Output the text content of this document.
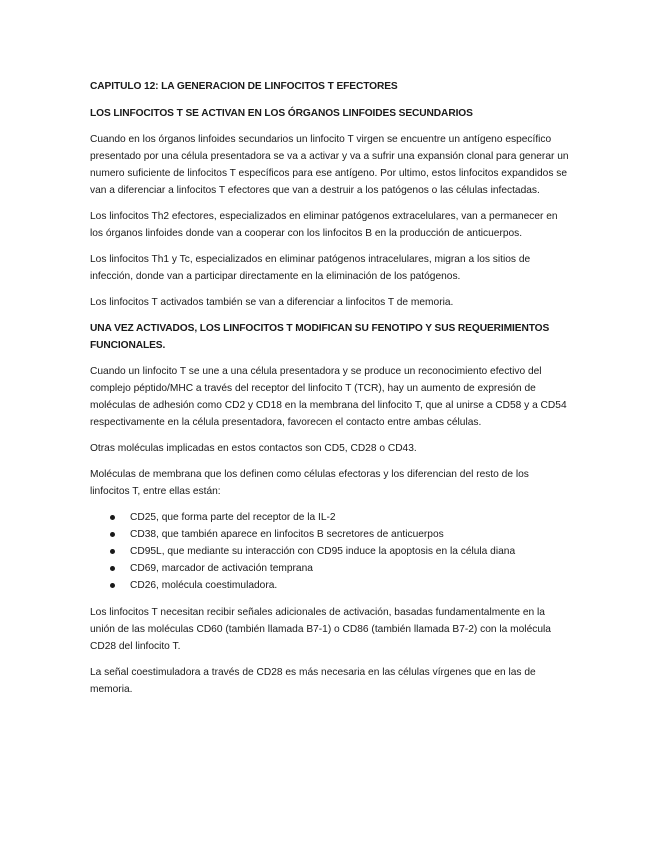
CAPITULO 12: LA GENERACION DE LINFOCITOS T EFECTORES
LOS LINFOCITOS T SE ACTIVAN EN LOS ÓRGANOS LINFOIDES SECUNDARIOS

Cuando en los órganos linfoides secundarios un linfocito T virgen se encuentre un antígeno específico presentado por una célula presentadora se va a activar y va a sufrir una expansión clonal para generar un numero suficiente de linfocitos T específicos para ese antígeno. Por ultimo, estos linfocitos expandidos se van a diferenciar a linfocitos T efectores que van a destruir a los patógenos o las células infectadas.

Los linfocitos Th2 efectores, especializados en eliminar patógenos extracelulares, van a permanecer en los órganos linfoides donde van a cooperar con los linfocitos B en la producción de anticuerpos.

Los linfocitos Th1 y Tc, especializados en eliminar patógenos intracelulares, migran a los sitios de infección, donde van a participar directamente en la eliminación de los patógenos.

Los linfocitos T activados también se van a diferenciar a linfocitos T de memoria.

UNA VEZ ACTIVADOS, LOS LINFOCITOS T MODIFICAN SU FENOTIPO Y SUS REQUERIMIENTOS FUNCIONALES.

Cuando un linfocito T se une a una célula presentadora y se produce un reconocimiento efectivo del complejo péptido/MHC a través del receptor del linfocito T (TCR), hay un aumento de expresión de moléculas de adhesión como CD2 y CD18 en la membrana del linfocito T, que al unirse a CD58 y a CD54 respectivamente en la célula presentadora, favorecen el contacto entre ambas células.

Otras moléculas implicadas en estos contactos son CD5, CD28 o CD43.

Moléculas de membrana que los definen como células efectoras y los diferencian del resto de los linfocitos T, entre ellas están:

CD25, que forma parte del receptor de la IL-2
CD38, que también aparece en linfocitos B secretores de anticuerpos
CD95L, que mediante su interacción con CD95 induce la apoptosis en la célula diana
CD69, marcador de activación temprana
CD26, molécula coestimuladora.

Los linfocitos T necesitan recibir señales adicionales de activación, basadas fundamentalmente en la unión de las moléculas CD60 (también llamada B7-1) o CD86 (también llamada B7-2) con la molécula CD28 del linfocito T.

La señal coestimuladora a través de CD28 es más necesaria en las células vírgenes que en las de memoria.
